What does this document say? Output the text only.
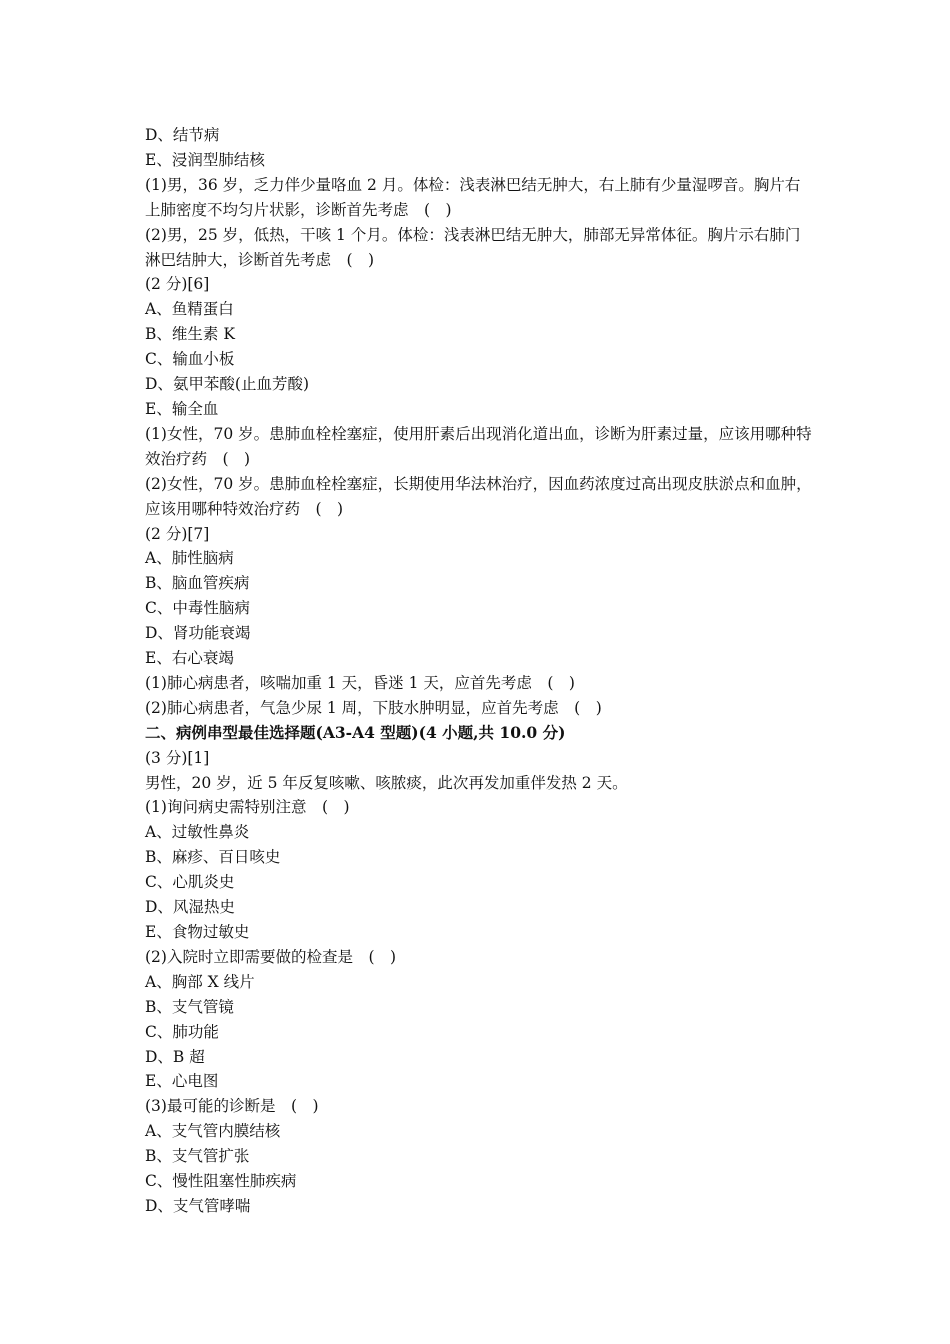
D、结节病
E、浸润型肺结核
(1)男，36 岁，乏力伴少量咯血 2 月。体检：浅表淋巴结无肿大，右上肺有少量湿啰音。胸片右上肺密度不均匀片状影，诊断首先考虑　(　)
(2)男，25 岁，低热，干咳 1 个月。体检：浅表淋巴结无肿大，肺部无异常体征。胸片示右肺门淋巴结肿大，诊断首先考虑　(　)
(2 分)[6]
A、鱼精蛋白
B、维生素 K
C、输血小板
D、氨甲苯酸(止血芳酸)
E、输全血
(1)女性，70 岁。患肺血栓栓塞症，使用肝素后出现消化道出血，诊断为肝素过量，应该用哪种特效治疗药　(　)
(2)女性，70 岁。患肺血栓栓塞症，长期使用华法林治疗，因血药浓度过高出现皮肤淤点和血肿，应该用哪种特效治疗药　(　)
(2 分)[7]
A、肺性脑病
B、脑血管疾病
C、中毒性脑病
D、肾功能衰竭
E、右心衰竭
(1)肺心病患者，咳喘加重 1 天，昏迷 1 天，应首先考虑　(　)
(2)肺心病患者，气急少尿 1 周，下肢水肿明显，应首先考虑　(　)
二、病例串型最佳选择题(A3-A4 型题)(4 小题,共 10.0 分)
(3 分)[1]
男性，20 岁，近 5 年反复咳嗽、咳脓痰，此次再发加重伴发热 2 天。
(1)询问病史需特别注意　(　)
A、过敏性鼻炎
B、麻疹、百日咳史
C、心肌炎史
D、风湿热史
E、食物过敏史
(2)入院时立即需要做的检查是　(　)
A、胸部 X 线片
B、支气管镜
C、肺功能
D、B 超
E、心电图
(3)最可能的诊断是　(　)
A、支气管内膜结核
B、支气管扩张
C、慢性阻塞性肺疾病
D、支气管哮喘
